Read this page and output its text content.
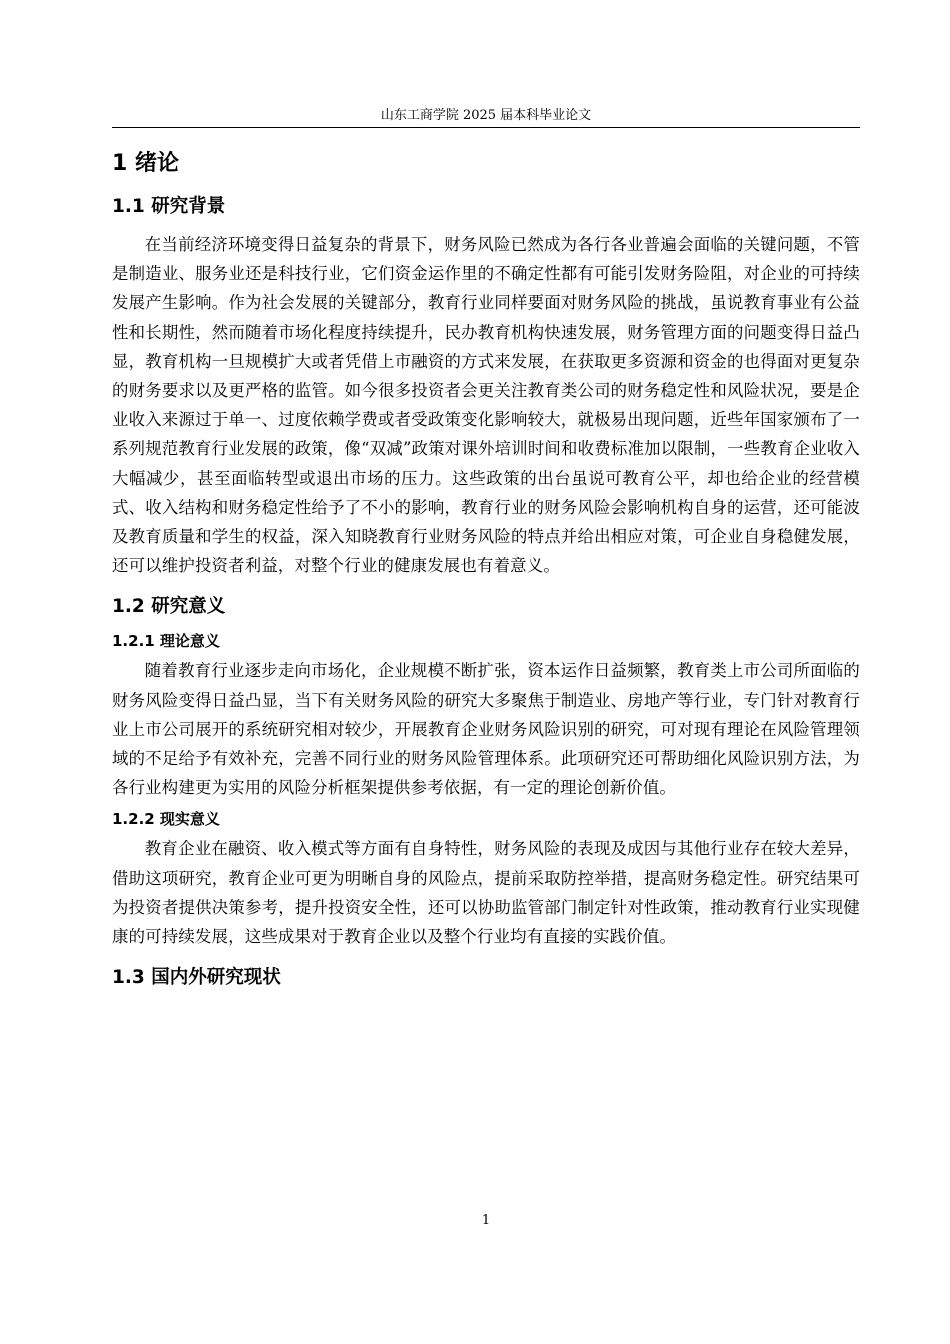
山东工商学院 2025 届本科毕业论文
1 绪论
1.1 研究背景

在当前经济环境变得日益复杂的背景下，财务风险已然成为各行各业普遍会面临的关键问题，不管是制造业、服务业还是科技行业，它们资金运作里的不确定性都有可能引发财务险阻，对企业的可持续发展产生影响。作为社会发展的关键部分，教育行业同样要面对财务风险的挑战，虽说教育事业有公益性和长期性，然而随着市场化程度持续提升，民办教育机构快速发展，财务管理方面的问题变得日益凸显，教育机构一旦规模扩大或者凭借上市融资的方式来发展，在获取更多资源和资金的也得面对更复杂的财务要求以及更严格的监管。如今很多投资者会更关注教育类公司的财务稳定性和风险状况，要是企业收入来源过于单一、过度依赖学费或者受政策变化影响较大，就极易出现问题，近些年国家颁布了一系列规范教育行业发展的政策，像“双减”政策对课外培训时间和收费标准加以限制，一些教育企业收入大幅减少，甚至面临转型或退出市场的压力。这些政策的出台虽说可教育公平，却也给企业的经营模式、收入结构和财务稳定性给予了不小的影响，教育行业的财务风险会影响机构自身的运营，还可能波及教育质量和学生的权益，深入知晓教育行业财务风险的特点并给出相应对策，可企业自身稳健发展，还可以维护投资者利益，对整个行业的健康发展也有着意义。

1.2 研究意义
1.2.1 理论意义

随着教育行业逐步走向市场化，企业规模不断扩张，资本运作日益频繁，教育类上市公司所面临的财务风险变得日益凸显，当下有关财务风险的研究大多聚焦于制造业、房地产等行业，专门针对教育行业上市公司展开的系统研究相对较少，开展教育企业财务风险识别的研究，可对现有理论在风险管理领域的不足给予有效补充，完善不同行业的财务风险管理体系。此项研究还可帮助细化风险识别方法，为各行业构建更为实用的风险分析框架提供参考依据，有一定的理论创新价值。

1.2.2 现实意义

教育企业在融资、收入模式等方面有自身特性，财务风险的表现及成因与其他行业存在较大差异，借助这项研究，教育企业可更为明晰自身的风险点，提前采取防控举措，提高财务稳定性。研究结果可为投资者提供决策参考，提升投资安全性，还可以协助监管部门制定针对性政策，推动教育行业实现健康的可持续发展，这些成果对于教育企业以及整个行业均有直接的实践价值。

1.3 国内外研究现状
1
